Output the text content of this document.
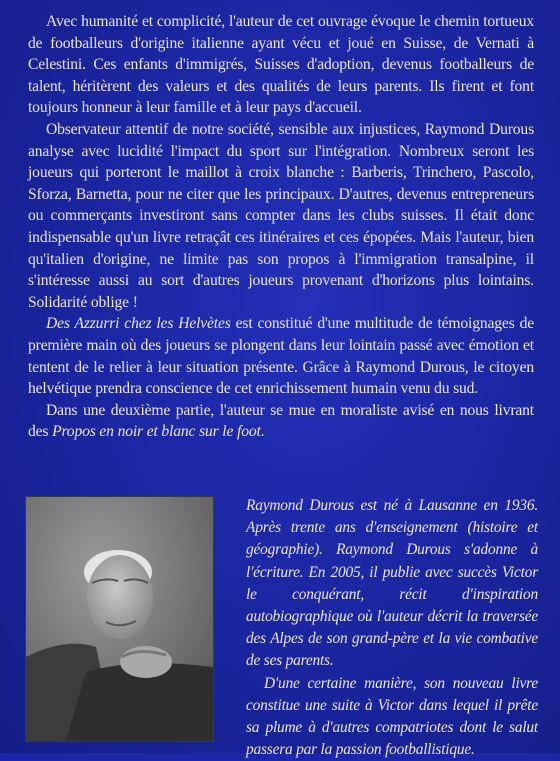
Avec humanité et complicité, l'auteur de cet ouvrage évoque le chemin tortueux de footballeurs d'origine italienne ayant vécu et joué en Suisse, de Vernati à Celestini. Ces enfants d'immigrés, Suisses d'adoption, devenus footballeurs de talent, héritèrent des valeurs et des qualités de leurs parents. Ils firent et font toujours honneur à leur famille et à leur pays d'accueil.

Observateur attentif de notre société, sensible aux injustices, Raymond Durous analyse avec lucidité l'impact du sport sur l'intégration. Nombreux seront les joueurs qui porteront le maillot à croix blanche : Barberis, Trinchero, Pascolo, Sforza, Barnetta, pour ne citer que les principaux. D'autres, devenus entrepreneurs ou commerçants investiront sans compter dans les clubs suisses. Il était donc indispensable qu'un livre retraçât ces itinéraires et ces épopées. Mais l'auteur, bien qu'italien d'origine, ne limite pas son propos à l'immigration transalpine, il s'intéresse aussi au sort d'autres joueurs provenant d'horizons plus lointains. Solidarité oblige !

Des Azzurri chez les Helvètes est constitué d'une multitude de témoignages de première main où des joueurs se plongent dans leur lointain passé avec émotion et tentent de le relier à leur situation présente. Grâce à Raymond Durous, le citoyen helvétique prendra conscience de cet enrichissement humain venu du sud.

Dans une deuxième partie, l'auteur se mue en moraliste avisé en nous livrant des Propos en noir et blanc sur le foot.

Raymond Durous est né à Lausanne en 1936. Après trente ans d'enseignement (histoire et géographie). Raymond Durous s'adonne à l'écriture. En 2005, il publie avec succès Victor le conquérant, récit d'inspiration autobiographique où l'auteur décrit la traversée des Alpes de son grand-père et la vie combative de ses parents.

D'une certaine manière, son nouveau livre constitue une suite à Victor dans lequel il prête sa plume à d'autres compatriotes dont le salut passera par la passion footballistique.
